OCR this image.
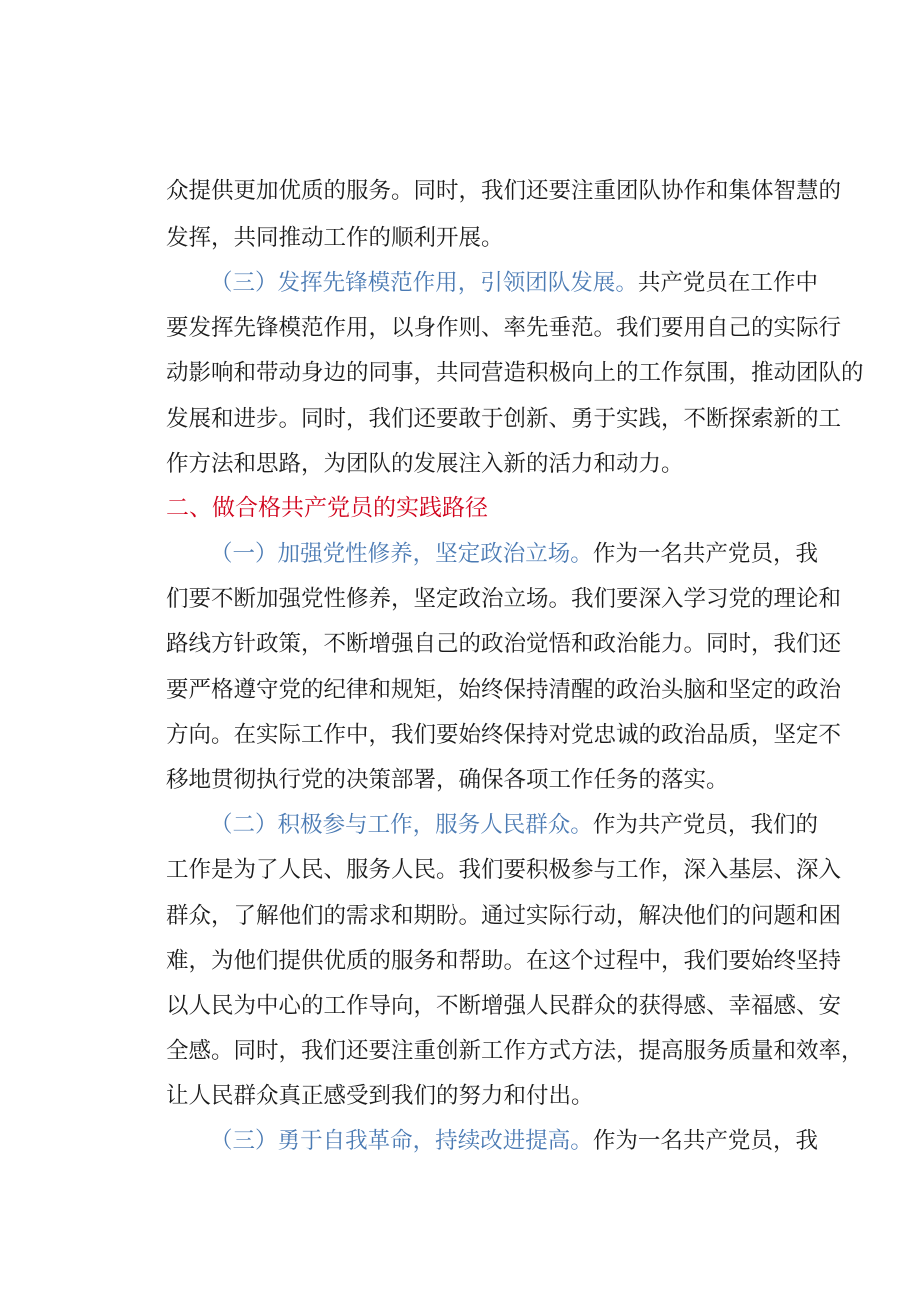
众提供更加优质的服务。同时，我们还要注重团队协作和集体智慧的
发挥，共同推动工作的顺利开展。
（三）发挥先锋模范作用，引领团队发展。共产党员在工作中
要发挥先锋模范作用，以身作则、率先垂范。我们要用自己的实际行
动影响和带动身边的同事，共同营造积极向上的工作氛围，推动团队的
发展和进步。同时，我们还要敢于创新、勇于实践，不断探索新的工
作方法和思路，为团队的发展注入新的活力和动力。
二、做合格共产党员的实践路径
（一）加强党性修养，坚定政治立场。作为一名共产党员，我
们要不断加强党性修养，坚定政治立场。我们要深入学习党的理论和
路线方针政策，不断增强自己的政治觉悟和政治能力。同时，我们还
要严格遵守党的纪律和规矩，始终保持清醒的政治头脑和坚定的政治
方向。在实际工作中，我们要始终保持对党忠诚的政治品质，坚定不
移地贯彻执行党的决策部署，确保各项工作任务的落实。
（二）积极参与工作，服务人民群众。作为共产党员，我们的
工作是为了人民、服务人民。我们要积极参与工作，深入基层、深入
群众，了解他们的需求和期盼。通过实际行动，解决他们的问题和困
难，为他们提供优质的服务和帮助。在这个过程中，我们要始终坚持
以人民为中心的工作导向，不断增强人民群众的获得感、幸福感、安
全感。同时，我们还要注重创新工作方式方法，提高服务质量和效率，
让人民群众真正感受到我们的努力和付出。
（三）勇于自我革命，持续改进提高。作为一名共产党员，我
